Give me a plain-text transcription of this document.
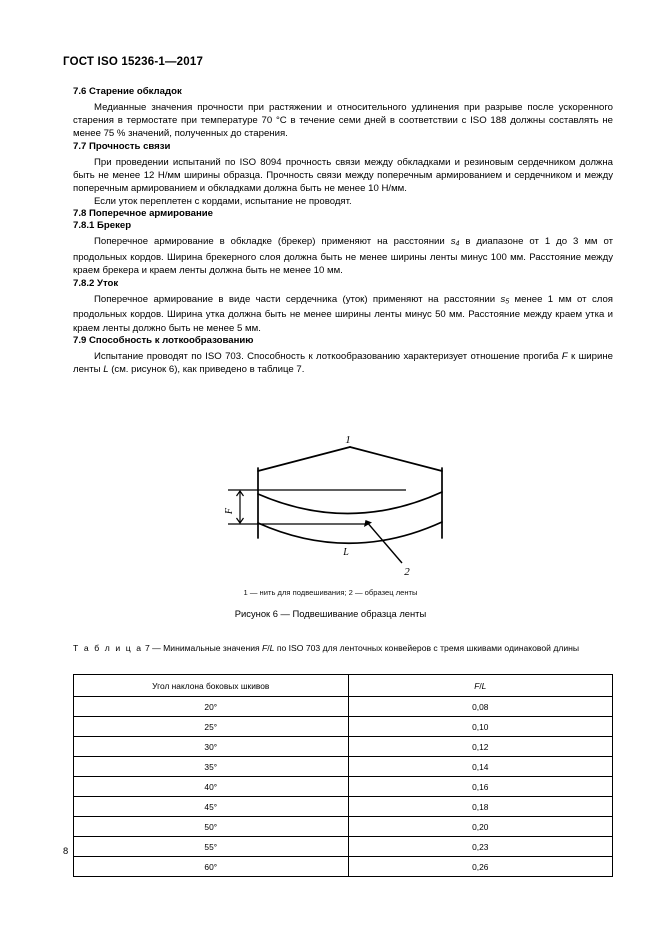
ГОСТ ISO 15236-1—2017
7.6 Старение обкладок

Медианные значения прочности при растяжении и относительного удлинения при разрыве после ускоренного старения в термостате при температуре 70 °C в течение семи дней в соответствии с ISO 188 должны составлять не менее 75 % значений, полученных до старения.

7.7 Прочность связи

При проведении испытаний по ISO 8094 прочность связи между обкладками и резиновым сердечником должна быть не менее 12 Н/мм ширины образца. Прочность связи между поперечным армированием и сердечником и между поперечным армированием и обкладками должна быть не менее 10 Н/мм.

Если уток переплетен с кордами, испытание не проводят.

7.8 Поперечное армирование
7.8.1 Брекер

Поперечное армирование в обкладке (брекер) применяют на расстоянии $s_4$ в диапазоне от 1 до 3 мм от продольных кордов. Ширина брекерного слоя должна быть не менее ширины ленты минус 100 мм. Расстояние между краем брекера и краем ленты должна быть не менее 10 мм.

7.8.2 Уток

Поперечное армирование в виде части сердечника (уток) применяют на расстоянии $s_5$ менее 1 мм от слоя продольных кордов. Ширина утка должна быть не менее ширины ленты минус 50 мм. Расстояние между краем утка и краем ленты должно быть не менее 5 мм.

7.9 Способность к лоткообразованию

Испытание проводят по ISO 703. Способность к лоткообразованию характеризует отношение прогиба F к ширине ленты L (см. рисунок 6), как приведено в таблице 7.

1
2
F
L
1 — нить для подвешивания; 2 — образец ленты
Рисунок 6 — Подвешивание образца ленты
Т а б л и ц а 7 — Минимальные значения F/L по ISO 703 для ленточных конвейеров с тремя шкивами одинаковой длины
Угол наклона боковых шкивов	F/L
20°	0,08
25°	0,10
30°	0,12
35°	0,14
40°	0,16
45°	0,18
50°	0,20
55°	0,23
60°	0,26
8
